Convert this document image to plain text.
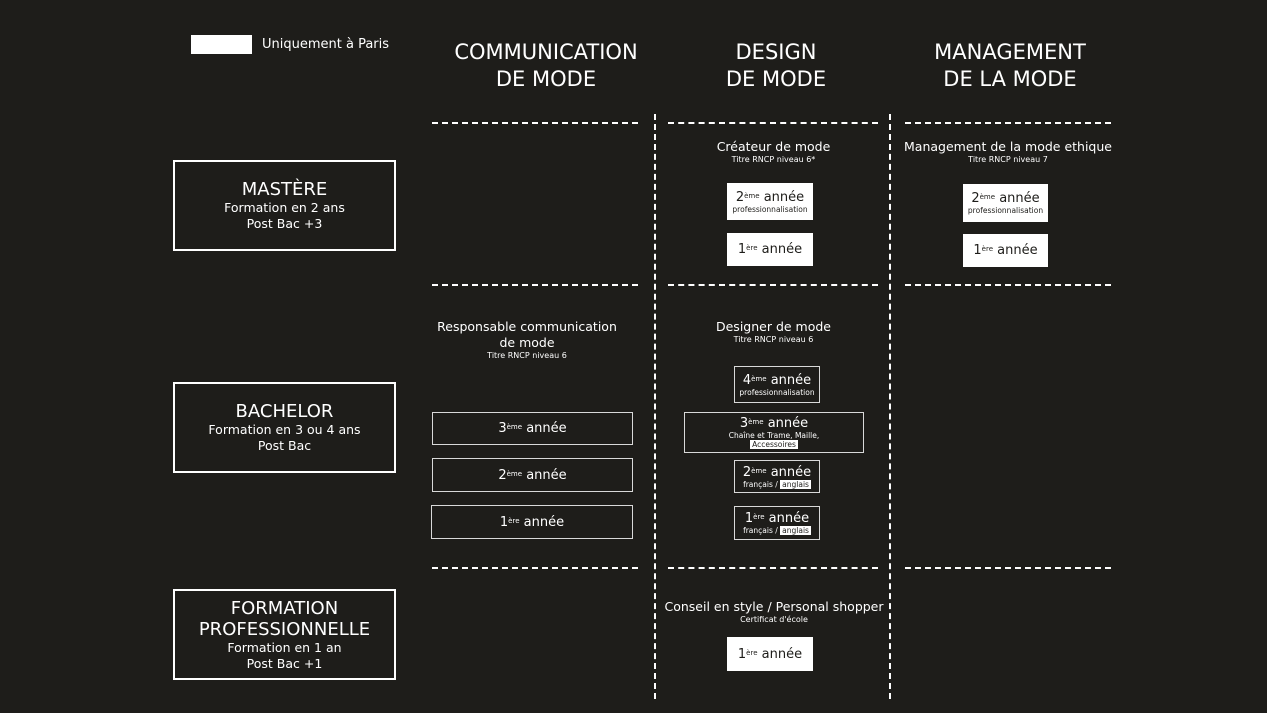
Uniquement à Paris	COMMUNICATION
DE MODE
DESIGN
DE MODE
MANAGEMENT
DE LA MODE
MASTÈRE
Formation en 2 ans
Post Bac +3
BACHELOR
Formation en 3 ou 4 ans
Post Bac
FORMATION
PROFESSIONNELLE
Formation en 1 an
Post Bac +1
Créateur de mode
Titre RNCP niveau 6*
2ème année
professionnalisation
1ère année
Management de la mode ethique
Titre RNCP niveau 7
2ème année
professionnalisation
1ère année
Responsable communication
de mode
Titre RNCP niveau 6
3ème année
2ème année
1ère année
Designer de mode
Titre RNCP niveau 6
4ème année
professionnalisation
3ème année
Chaîne et Trame, Maille,
Accessoires
2ème année
français / anglais
1ère année
français / anglais
Conseil en style / Personal shopper
Certificat d'école
1ère année
